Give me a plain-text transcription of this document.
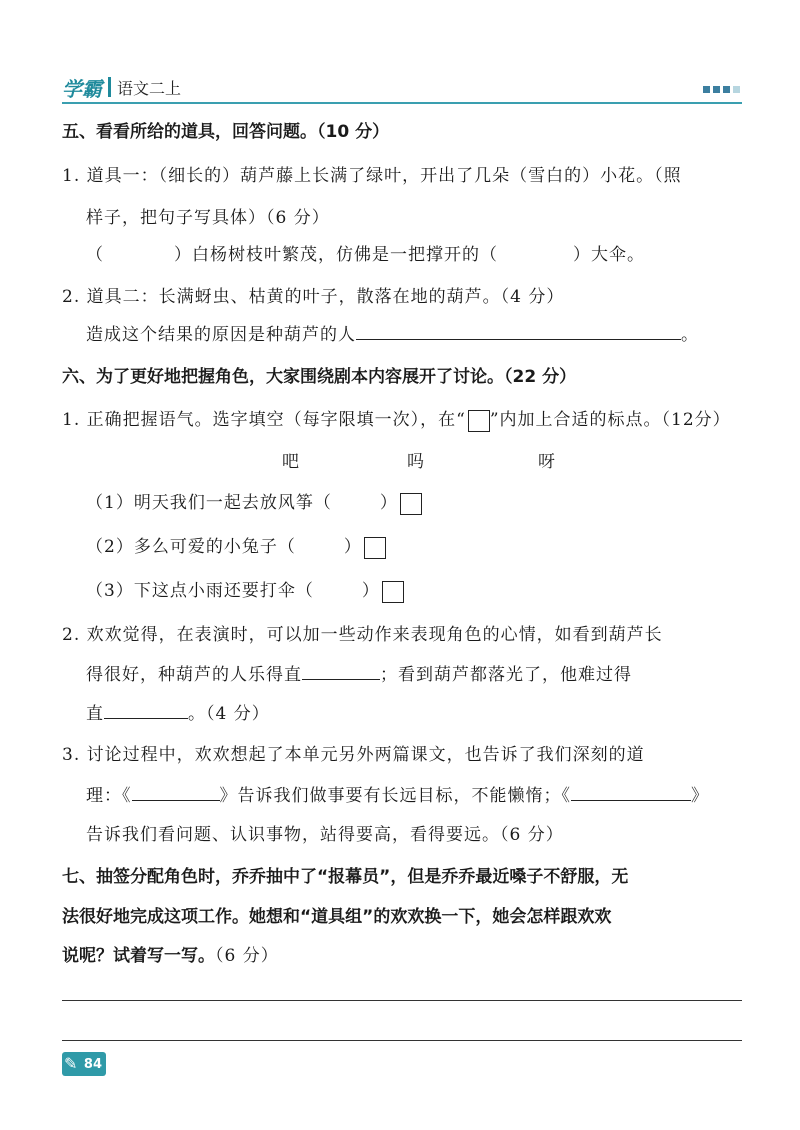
学霸 语文二上
五、看看所给的道具，回答问题。（10 分）
1. 道具一：（细长的）葫芦藤上长满了绿叶，开出了几朵（雪白的）小花。（照
样子，把句子写具体）（6 分）
（	）白杨树枝叶繁茂，仿佛是一把撑开的（	）大伞。
2. 道具二：长满蚜虫、枯黄的叶子，散落在地的葫芦。（4 分）
造成这个结果的原因是种葫芦的人	。
六、为了更好地把握角色，大家围绕剧本内容展开了讨论。（22 分）
1. 正确把握语气。选字填空（每字限填一次），在“ ”内加上合适的标点。（12分）
吧	吗	呀
（1）明天我们一起去放风筝（	）
（2）多么可爱的小兔子（	）
（3）下这点小雨还要打伞（	）
2. 欢欢觉得，在表演时，可以加一些动作来表现角色的心情，如看到葫芦长
得很好，种葫芦的人乐得直	；看到葫芦都落光了，他难过得
直	。（4 分）
3. 讨论过程中，欢欢想起了本单元另外两篇课文，也告诉了我们深刻的道
理：《	》告诉我们做事要有长远目标，不能懒惰；《	》
告诉我们看问题、认识事物，站得要高，看得要远。（6 分）
七、抽签分配角色时，乔乔抽中了“报幕员”，但是乔乔最近嗓子不舒服，无
法很好地完成这项工作。她想和“道具组”的欢欢换一下，她会怎样跟欢欢
说呢？试着写一写。（6 分）
84
✎
